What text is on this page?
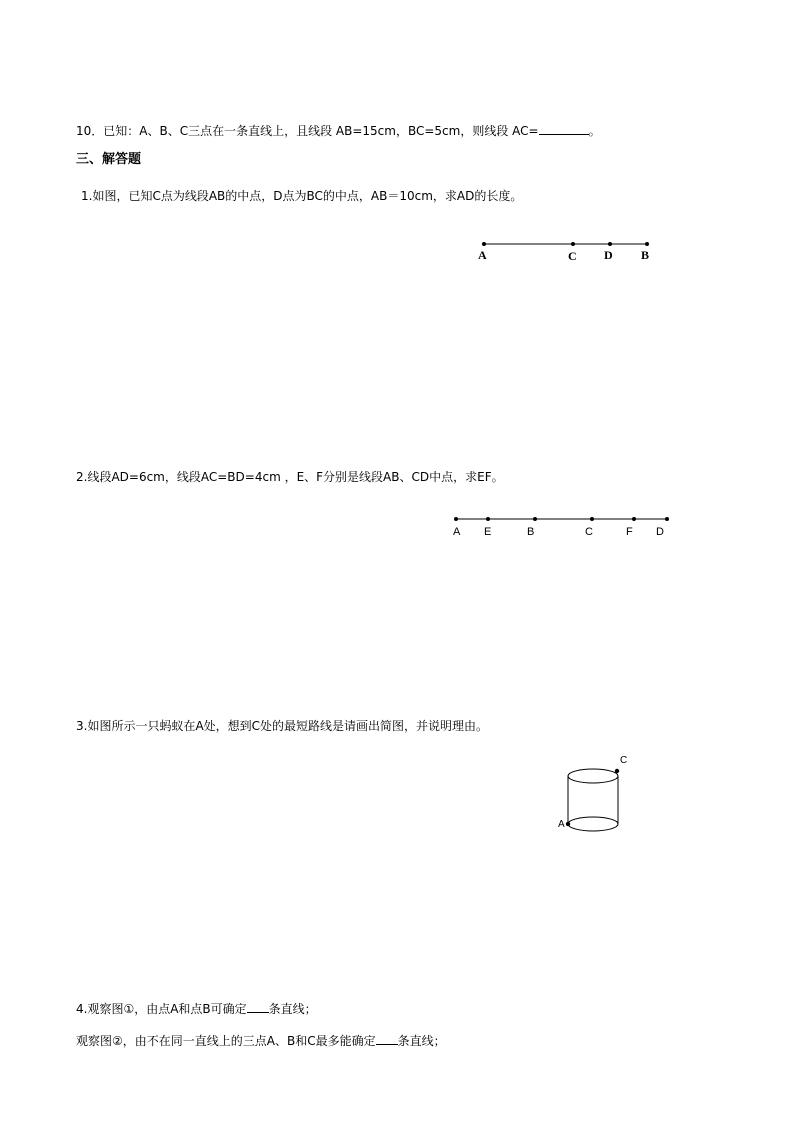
10．已知：A、B、C三点在一条直线上，且线段 AB=15cm，BC=5cm，则线段 AC=	。
三、解答题
1.如图，已知C点为线段AB的中点，D点为BC的中点，AB＝10cm，求AD的长度。
A	C D B
2.线段AD=6cm，线段AC=BD=4cm ，E、F分别是线段AB、CD中点，求EF。
A E	B	C	F D
3.如图所示一只蚂蚁在A处，想到C处的最短路线是请画出简图，并说明理由。
C
A
4.观察图①，由点A和点B可确定 条直线；
观察图②，由不在同一直线上的三点A、B和C最多能确定 条直线；
